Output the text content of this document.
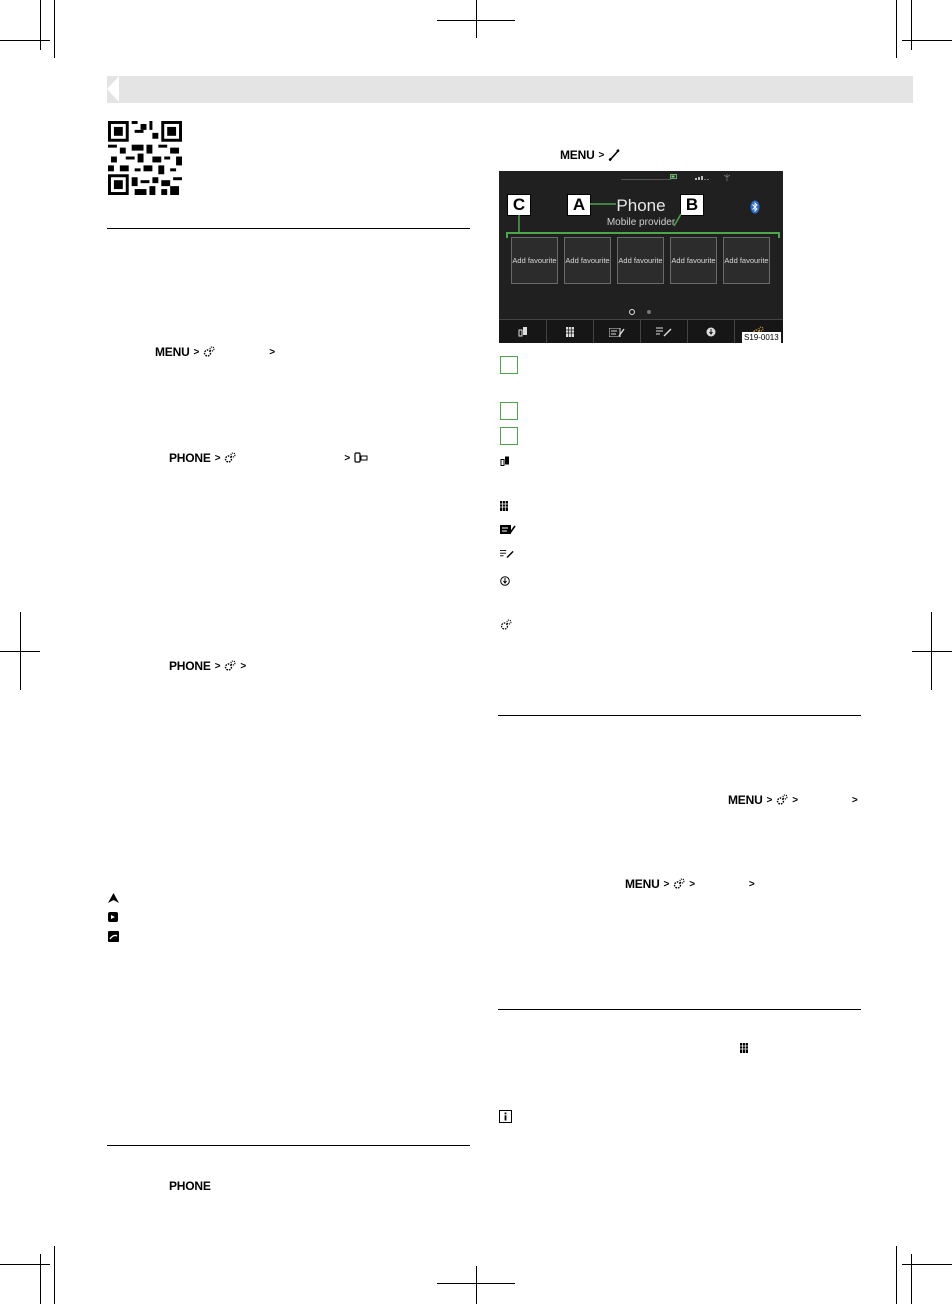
MENU >	>
PHONE >	>
PHONE > >
PHONE
MENU >
Phone
Mobile provider
Add favourite Add favourite Add favourite Add favourite Add favourite
C	A	B
S19-0013
MENU > >	>
MENU > >	>
